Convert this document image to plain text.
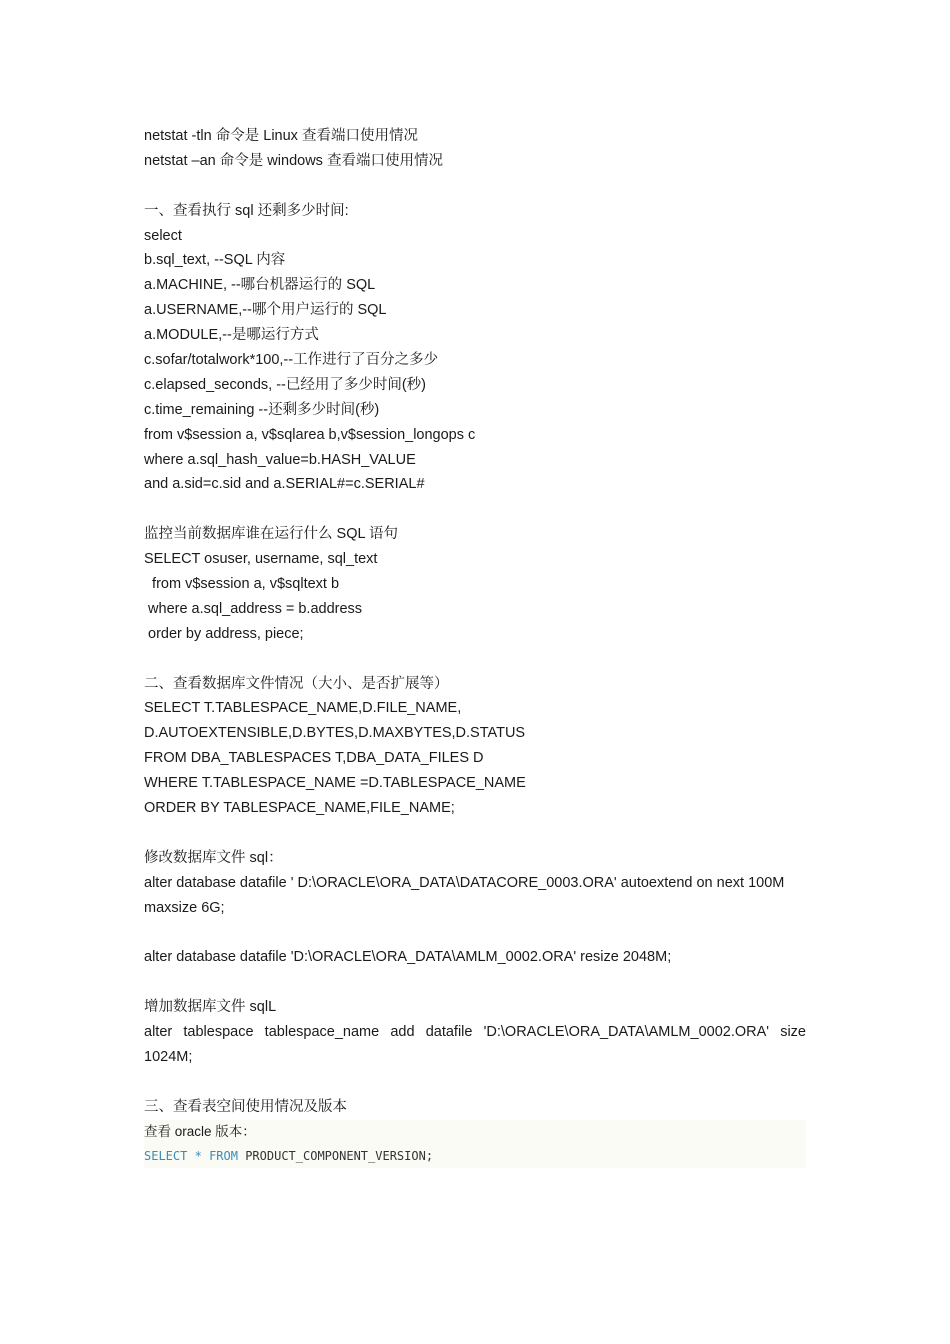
netstat -tln 命令是 Linux 查看端口使用情况
netstat –an 命令是 windows 查看端口使用情况
一、查看执行 sql 还剩多少时间:
select
b.sql_text, --SQL 内容
a.MACHINE, --哪台机器运行的 SQL
a.USERNAME,--哪个用户运行的 SQL
a.MODULE,--是哪运行方式
c.sofar/totalwork*100,--工作进行了百分之多少
c.elapsed_seconds, --已经用了多少时间(秒)
c.time_remaining --还剩多少时间(秒)
from v$session a, v$sqlarea b,v$session_longops c
where a.sql_hash_value=b.HASH_VALUE
and a.sid=c.sid and a.SERIAL#=c.SERIAL#
监控当前数据库谁在运行什么 SQL 语句
SELECT osuser, username, sql_text
from v$session a, v$sqltext b
where a.sql_address = b.address
order by address, piece;
二、查看数据库文件情况（大小、是否扩展等）
SELECT T.TABLESPACE_NAME,D.FILE_NAME,
D.AUTOEXTENSIBLE,D.BYTES,D.MAXBYTES,D.STATUS
FROM DBA_TABLESPACES T,DBA_DATA_FILES D
WHERE T.TABLESPACE_NAME =D.TABLESPACE_NAME
ORDER BY TABLESPACE_NAME,FILE_NAME;
修改数据库文件 sql：
alter database datafile ' D:\ORACLE\ORA_DATA\DATACORE_0003.ORA' autoextend on next 100M maxsize 6G;
alter database datafile 'D:\ORACLE\ORA_DATA\AMLM_0002.ORA' resize 2048M;
增加数据库文件 sqlL
alter tablespace tablespace_name add datafile 'D:\ORACLE\ORA_DATA\AMLM_0002.ORA' size 1024M;
三、查看表空间使用情况及版本
查看 oracle 版本：
SELECT * FROM PRODUCT_COMPONENT_VERSION;
